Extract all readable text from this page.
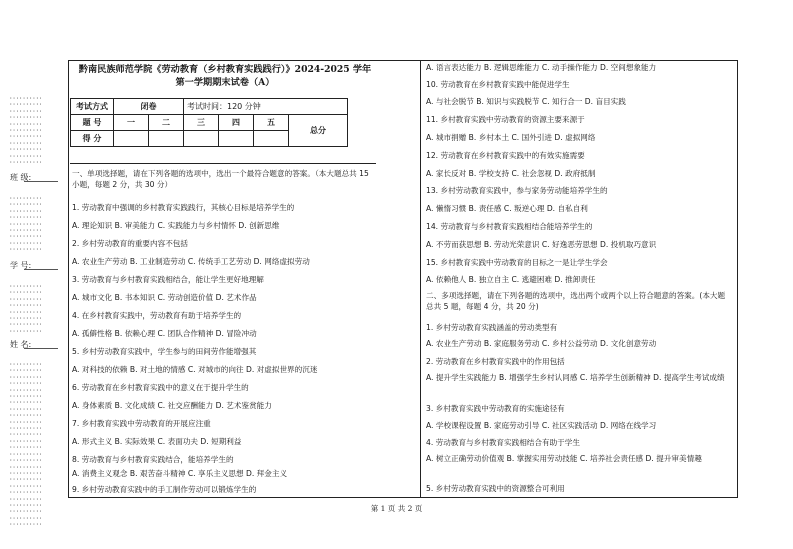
··········
··········
··········
··········
··········
··········
··········
··········
··········
··········
··········
班 级:
··········
··········
··········
··········
··········
··········
··········
··········
··········
学 号:
··········
··········
··········
··········
··········
··········
··········
··········
姓 名:
··········
··········
··········
··········
··········
··········
··········
··········
··········
··········
··········
··········
··········
··········
··········
··········
··········
··········
··········
··········
··········
··········
··········
··········
··········
··········
黔南民族师范学院《劳动教育（乡村教育实践践行）》2024-2025 学年
第一学期期末试卷（A）
考试方式	闭卷		考试时间：120 分钟			
题 号	一	二	三	四	五	总分
得 分						
一、单项选择题，请在下列各题的选项中，选出一个最符合题意的答案。（本大题总共 15 小题，每题 2 分，共 30 分）
1. 劳动教育中强调的乡村教育实践践行，其核心目标是培养学生的
A. 理论知识 B. 审美能力 C. 实践能力与乡村情怀 D. 创新思维
2. 乡村劳动教育的重要内容不包括
A. 农业生产劳动 B. 工业制造劳动 C. 传统手工艺劳动 D. 网络虚拟劳动
3. 劳动教育与乡村教育实践相结合，能让学生更好地理解
A. 城市文化 B. 书本知识 C. 劳动创造价值 D. 艺术作品
4. 在乡村教育实践中，劳动教育有助于培养学生的
A. 孤僻性格 B. 依赖心理 C. 团队合作精神 D. 冒险冲动
5. 乡村劳动教育实践中，学生参与的田间劳作能增强其
A. 对科技的依赖 B. 对土地的情感 C. 对城市的向往 D. 对虚拟世界的沉迷
6. 劳动教育在乡村教育实践中的意义在于提升学生的
A. 身体素质 B. 文化成绩 C. 社交应酬能力 D. 艺术鉴赏能力
7. 乡村教育实践中劳动教育的开展应注重
A. 形式主义 B. 实际效果 C. 表面功夫 D. 短期利益
8. 劳动教育与乡村教育实践结合，能培养学生的
A. 消费主义观念 B. 艰苦奋斗精神 C. 享乐主义思想 D. 拜金主义
9. 乡村劳动教育实践中的手工制作劳动可以锻炼学生的
A. 语言表达能力 B. 逻辑思维能力 C. 动手操作能力 D. 空间想象能力
10. 劳动教育在乡村教育实践中能促进学生
A. 与社会脱节 B. 知识与实践脱节 C. 知行合一 D. 盲目实践
11. 乡村教育实践中劳动教育的资源主要来源于
A. 城市捐赠 B. 乡村本土 C. 国外引进 D. 虚拟网络
12. 劳动教育在乡村教育实践中的有效实施需要
A. 家长反对 B. 学校支持 C. 社会忽视 D. 政府抵制
13. 乡村劳动教育实践中，参与家务劳动能培养学生的
A. 懒惰习惯 B. 责任感 C. 叛逆心理 D. 自私自利
14. 劳动教育与乡村教育实践相结合能培养学生的
A. 不劳而获思想 B. 劳动光荣意识 C. 好逸恶劳思想 D. 投机取巧意识
15. 乡村教育实践中劳动教育的目标之一是让学生学会
A. 依赖他人 B. 独立自主 C. 逃避困难 D. 推卸责任
二、多项选择题，请在下列各题的选项中，选出两个或两个以上符合题意的答案。(本大题总共 5 题，每题 4 分，共 20 分)
1. 乡村劳动教育实践涵盖的劳动类型有
A. 农业生产劳动 B. 家庭服务劳动 C. 乡村公益劳动 D. 文化创意劳动
2. 劳动教育在乡村教育实践中的作用包括
A. 提升学生实践能力 B. 增强学生乡村认同感 C. 培养学生创新精神 D. 提高学生考试成绩
3. 乡村教育实践中劳动教育的实施途径有
A. 学校课程设置 B. 家庭劳动引导 C. 社区实践活动 D. 网络在线学习
4. 劳动教育与乡村教育实践相结合有助于学生
A. 树立正确劳动价值观 B. 掌握实用劳动技能 C. 培养社会责任感 D. 提升审美情趣
5. 乡村劳动教育实践中的资源整合可利用
第 1 页 共 2 页
